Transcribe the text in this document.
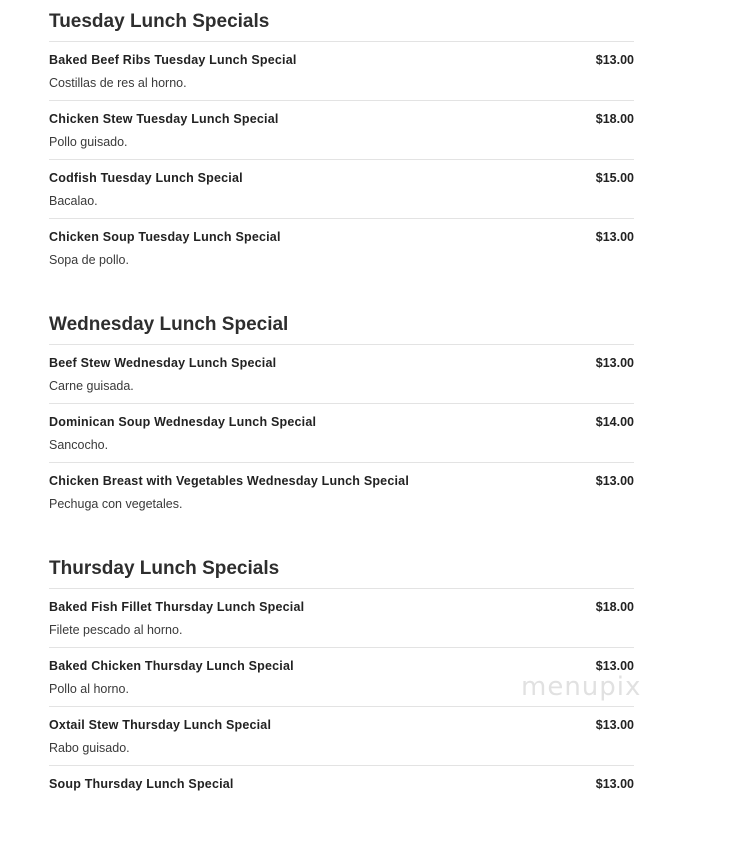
Tuesday Lunch Specials
Baked Beef Ribs Tuesday Lunch Special	$13.00
Costillas de res al horno.
Chicken Stew Tuesday Lunch Special	$18.00
Pollo guisado.
Codfish Tuesday Lunch Special	$15.00
Bacalao.
Chicken Soup Tuesday Lunch Special	$13.00
Sopa de pollo.
Wednesday Lunch Special
Beef Stew Wednesday Lunch Special	$13.00
Carne guisada.
Dominican Soup Wednesday Lunch Special	$14.00
Sancocho.
Chicken Breast with Vegetables Wednesday Lunch Special	$13.00
Pechuga con vegetales.
Thursday Lunch Specials
Baked Fish Fillet Thursday Lunch Special	$18.00
Filete pescado al horno.
Baked Chicken Thursday Lunch Special	$13.00
Pollo al horno.
Oxtail Stew Thursday Lunch Special	$13.00
Rabo guisado.
Soup Thursday Lunch Special	$13.00
menupix
